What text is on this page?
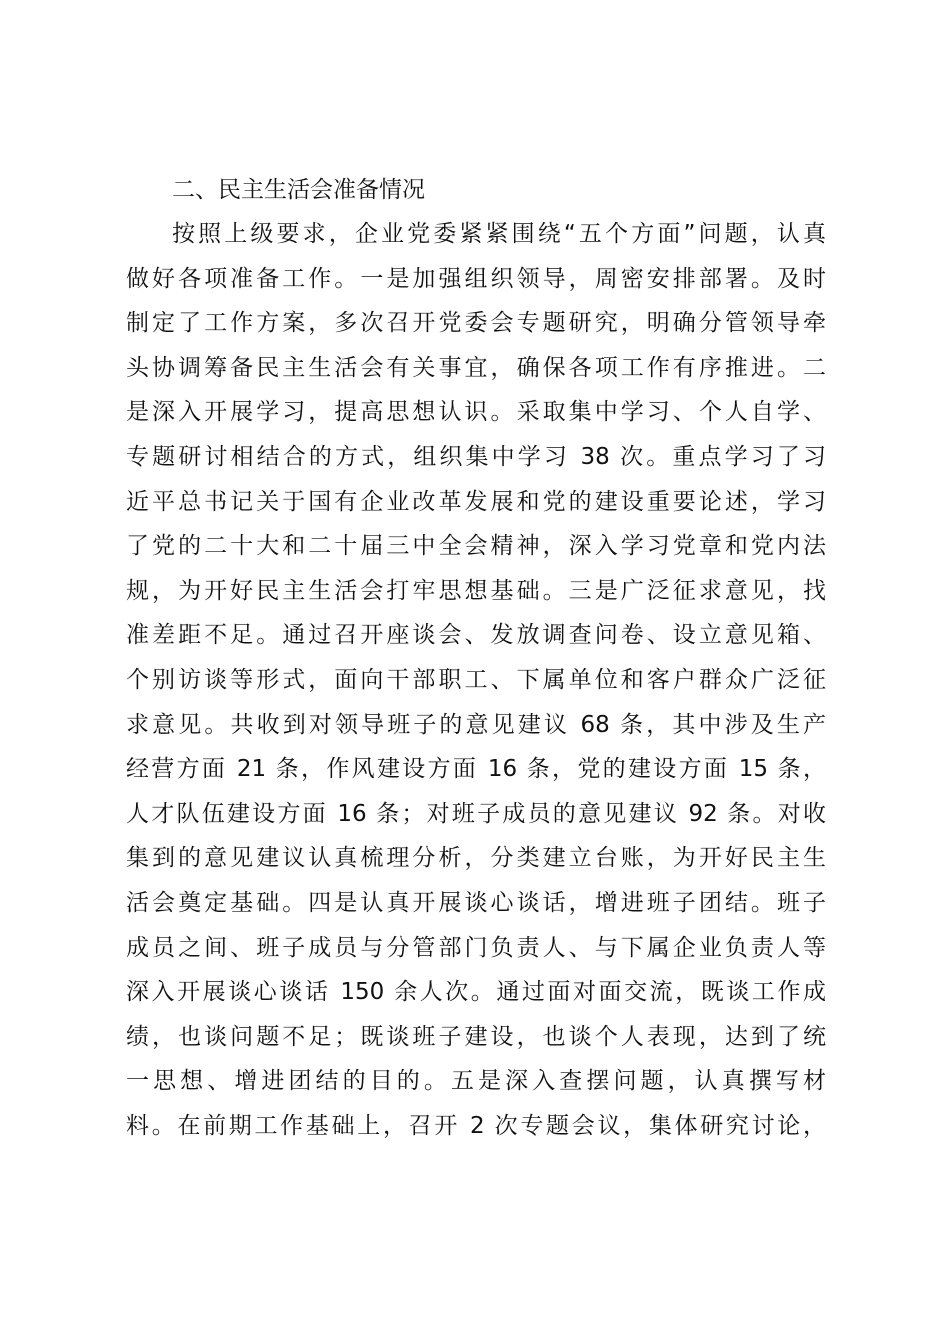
二、民主生活会准备情况

按照上级要求，企业党委紧紧围绕“五个方面”问题，认真

做好各项准备工作。一是加强组织领导，周密安排部署。及时

制定了工作方案，多次召开党委会专题研究，明确分管领导牵

头协调筹备民主生活会有关事宜，确保各项工作有序推进。二

是深入开展学习，提高思想认识。采取集中学习、个人自学、

专题研讨相结合的方式，组织集中学习 38 次。重点学习了习

近平总书记关于国有企业改革发展和党的建设重要论述，学习

了党的二十大和二十届三中全会精神，深入学习党章和党内法

规，为开好民主生活会打牢思想基础。三是广泛征求意见，找

准差距不足。通过召开座谈会、发放调查问卷、设立意见箱、

个别访谈等形式，面向干部职工、下属单位和客户群众广泛征

求意见。共收到对领导班子的意见建议 68 条，其中涉及生产

经营方面 21 条，作风建设方面 16 条，党的建设方面 15 条，

人才队伍建设方面 16 条；对班子成员的意见建议 92 条。对收

集到的意见建议认真梳理分析，分类建立台账，为开好民主生

活会奠定基础。四是认真开展谈心谈话，增进班子团结。班子

成员之间、班子成员与分管部门负责人、与下属企业负责人等

深入开展谈心谈话 150 余人次。通过面对面交流，既谈工作成

绩，也谈问题不足；既谈班子建设，也谈个人表现，达到了统

一思想、增进团结的目的。五是深入查摆问题，认真撰写材

料。在前期工作基础上，召开 2 次专题会议，集体研究讨论，
